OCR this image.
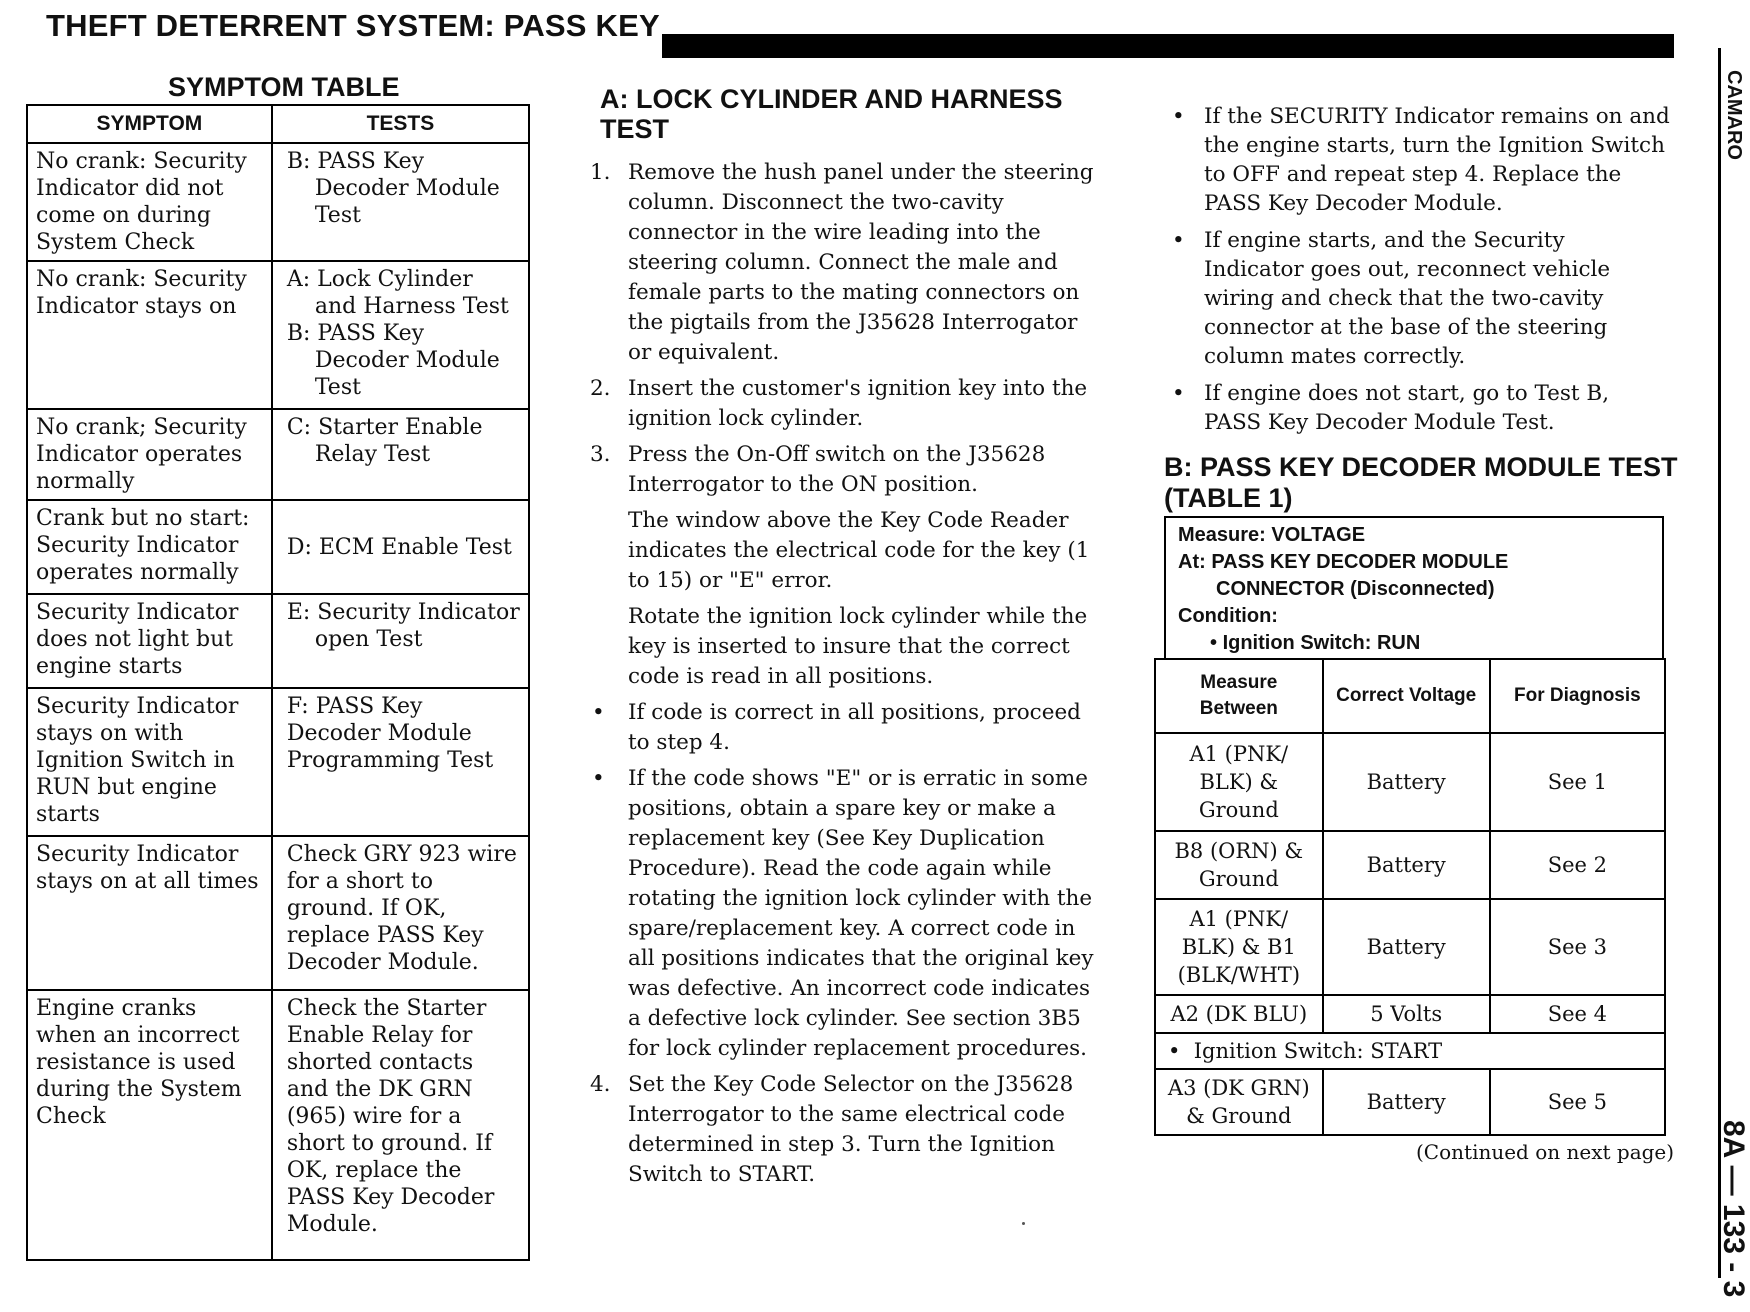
THEFT DETERRENT SYSTEM: PASS KEY
CAMARO
8A — 133 - 3
SYMPTOM TABLE
SYMPTOM	TESTS
No crank: Security Indicator did not come on during System Check	B: PASS Key Decoder Module Test

No crank: Security Indicator stays on	A: Lock Cylinder and Harness Test
B: PASS Key Decoder Module Test

No crank; Security Indicator operates normally	C: Starter Enable Relay Test

Crank but no start: Security Indicator operates normally	D: ECM Enable Test

Security Indicator does not light but engine starts	E: Security Indicator open Test

Security Indicator stays on with Ignition Switch in RUN but engine starts	F: PASS Key Decoder Module Programming Test

Security Indicator stays on at all times	Check GRY 923 wire for a short to ground. If OK, replace PASS Key Decoder Module.

Engine cranks when an incorrect resistance is used during the System Check	Check the Starter Enable Relay for shorted contacts and the DK GRN (965) wire for a short to ground. If OK, replace the PASS Key Decoder Module.
A: LOCK CYLINDER AND HARNESS TEST
1. Remove the hush panel under the steering column. Disconnect the two-cavity connector in the wire leading into the steering column. Connect the male and female parts to the mating connectors on the pigtails from the J35628 Interrogator or equivalent.
2. Insert the customer's ignition key into the ignition lock cylinder.
3. Press the On-Off switch on the J35628 Interrogator to the ON position.
The window above the Key Code Reader indicates the electrical code for the key (1 to 15) or "E" error.
Rotate the ignition lock cylinder while the key is inserted to insure that the correct code is read in all positions.
• If code is correct in all positions, proceed to step 4.
• If the code shows "E" or is erratic in some positions, obtain a spare key or make a replacement key (See Key Duplication Procedure). Read the code again while rotating the ignition lock cylinder with the spare/replacement key. A correct code in all positions indicates that the original key was defective. An incorrect code indicates a defective lock cylinder. See section 3B5 for lock cylinder replacement procedures.
4. Set the Key Code Selector on the J35628 Interrogator to the same electrical code determined in step 3. Turn the Ignition Switch to START.
• If the SECURITY Indicator remains on and the engine starts, turn the Ignition Switch to OFF and repeat step 4. Replace the PASS Key Decoder Module.
• If engine starts, and the Security Indicator goes out, reconnect vehicle wiring and check that the two-cavity connector at the base of the steering column mates correctly.
• If engine does not start, go to Test B, PASS Key Decoder Module Test.
B: PASS KEY DECODER MODULE TEST (TABLE 1)
Measure: VOLTAGE
At: PASS KEY DECODER MODULE
CONNECTOR (Disconnected)
Condition:
• Ignition Switch: RUN
Measure Between	Correct Voltage	For Diagnosis
A1 (PNK/ BLK) & Ground	Battery	See 1
B8 (ORN) & Ground	Battery	See 2
A1 (PNK/ BLK) & B1 (BLK/WHT)	Battery	See 3
A2 (DK BLU)	5 Volts	See 4
•  Ignition Switch: START		
A3 (DK GRN) & Ground	Battery	See 5
(Continued on next page)
